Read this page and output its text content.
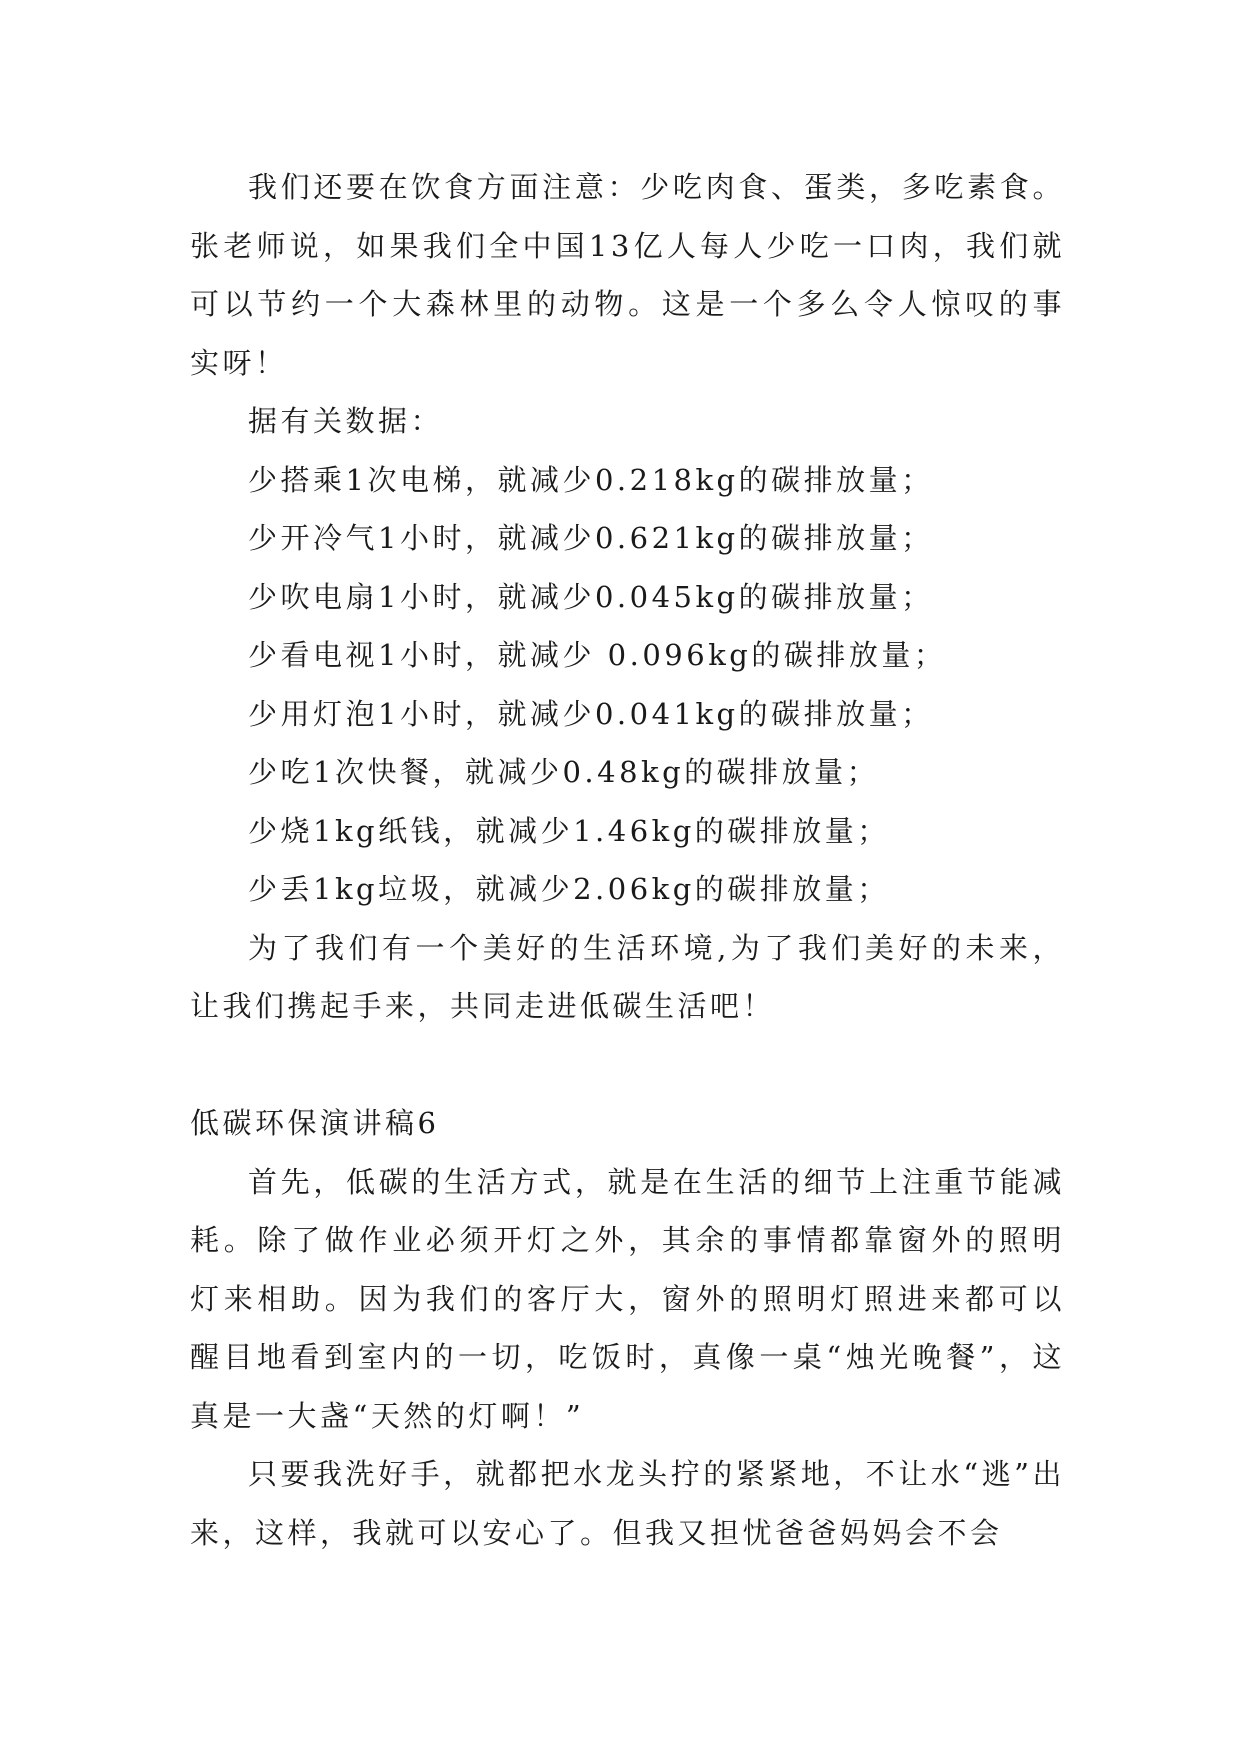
我们还要在饮食方面注意：少吃肉食、蛋类，多吃素食。张老师说，如果我们全中国13亿人每人少吃一口肉，我们就可以节约一个大森林里的动物。这是一个多么令人惊叹的事实呀！

据有关数据：

少搭乘1次电梯，就减少0.218kg的碳排放量；

少开冷气1小时，就减少0.621kg的碳排放量；

少吹电扇1小时，就减少0.045kg的碳排放量；

少看电视1小时，就减少 0.096kg的碳排放量；

少用灯泡1小时，就减少0.041kg的碳排放量；

少吃1次快餐，就减少0.48kg的碳排放量；

少烧1kg纸钱，就减少1.46kg的碳排放量；

少丢1kg垃圾，就减少2.06kg的碳排放量；

为了我们有一个美好的生活环境,为了我们美好的未来，让我们携起手来，共同走进低碳生活吧！

低碳环保演讲稿6

首先，低碳的生活方式，就是在生活的细节上注重节能减耗。除了做作业必须开灯之外，其余的事情都靠窗外的照明灯来相助。因为我们的客厅大，窗外的照明灯照进来都可以醒目地看到室内的一切，吃饭时，真像一桌“烛光晚餐”，这真是一大盏“天然的灯啊！”

只要我洗好手，就都把水龙头拧的紧紧地，不让水“逃”出来，这样，我就可以安心了。但我又担忧爸爸妈妈会不会
